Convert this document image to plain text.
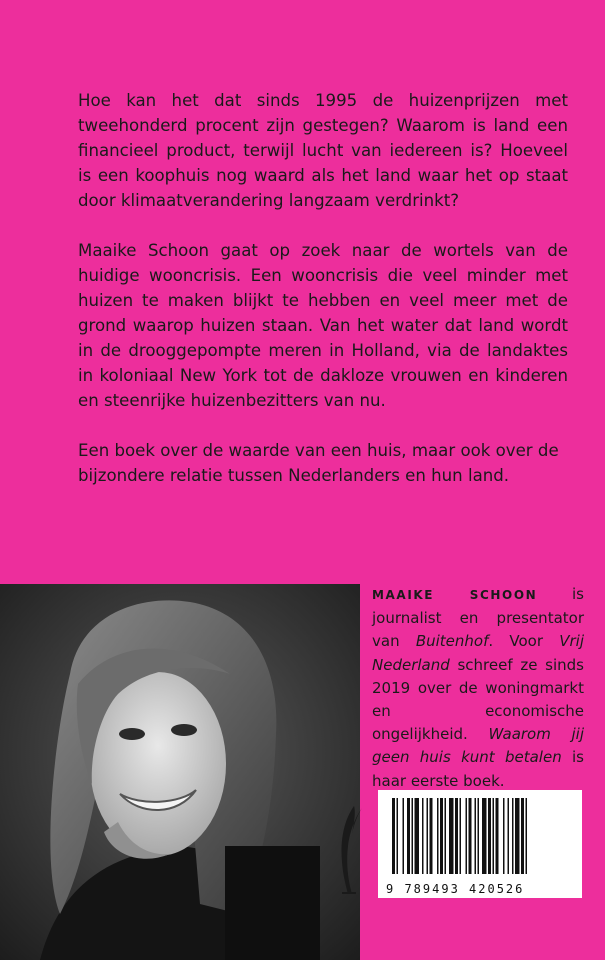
Hoe kan het dat sinds 1995 de huizenprijzen met tweehonderd procent zijn gestegen? Waarom is land een financieel product, terwijl lucht van iedereen is? Hoeveel is een koophuis nog waard als het land waar het op staat door klimaatverandering langzaam verdrinkt?

Maaike Schoon gaat op zoek naar de wortels van de huidige wooncrisis. Een wooncrisis die veel minder met huizen te maken blijkt te hebben en veel meer met de grond waarop huizen staan. Van het water dat land wordt in de drooggepompte meren in Holland, via de landaktes in koloniaal New York tot de dakloze vrouwen en kinderen en steenrijke huizenbezitters van nu.

Een boek over de waarde van een huis, maar ook over de bijzondere relatie tussen Nederlanders en hun land.

MAAIKE SCHOON is journalist en presentator van Buitenhof. Voor Vrij Nederland schreef ze sinds 2019 over de woningmarkt en economische ongelijkheid. Waarom jij geen huis kunt betalen is haar eerste boek.
9 789493 420526
